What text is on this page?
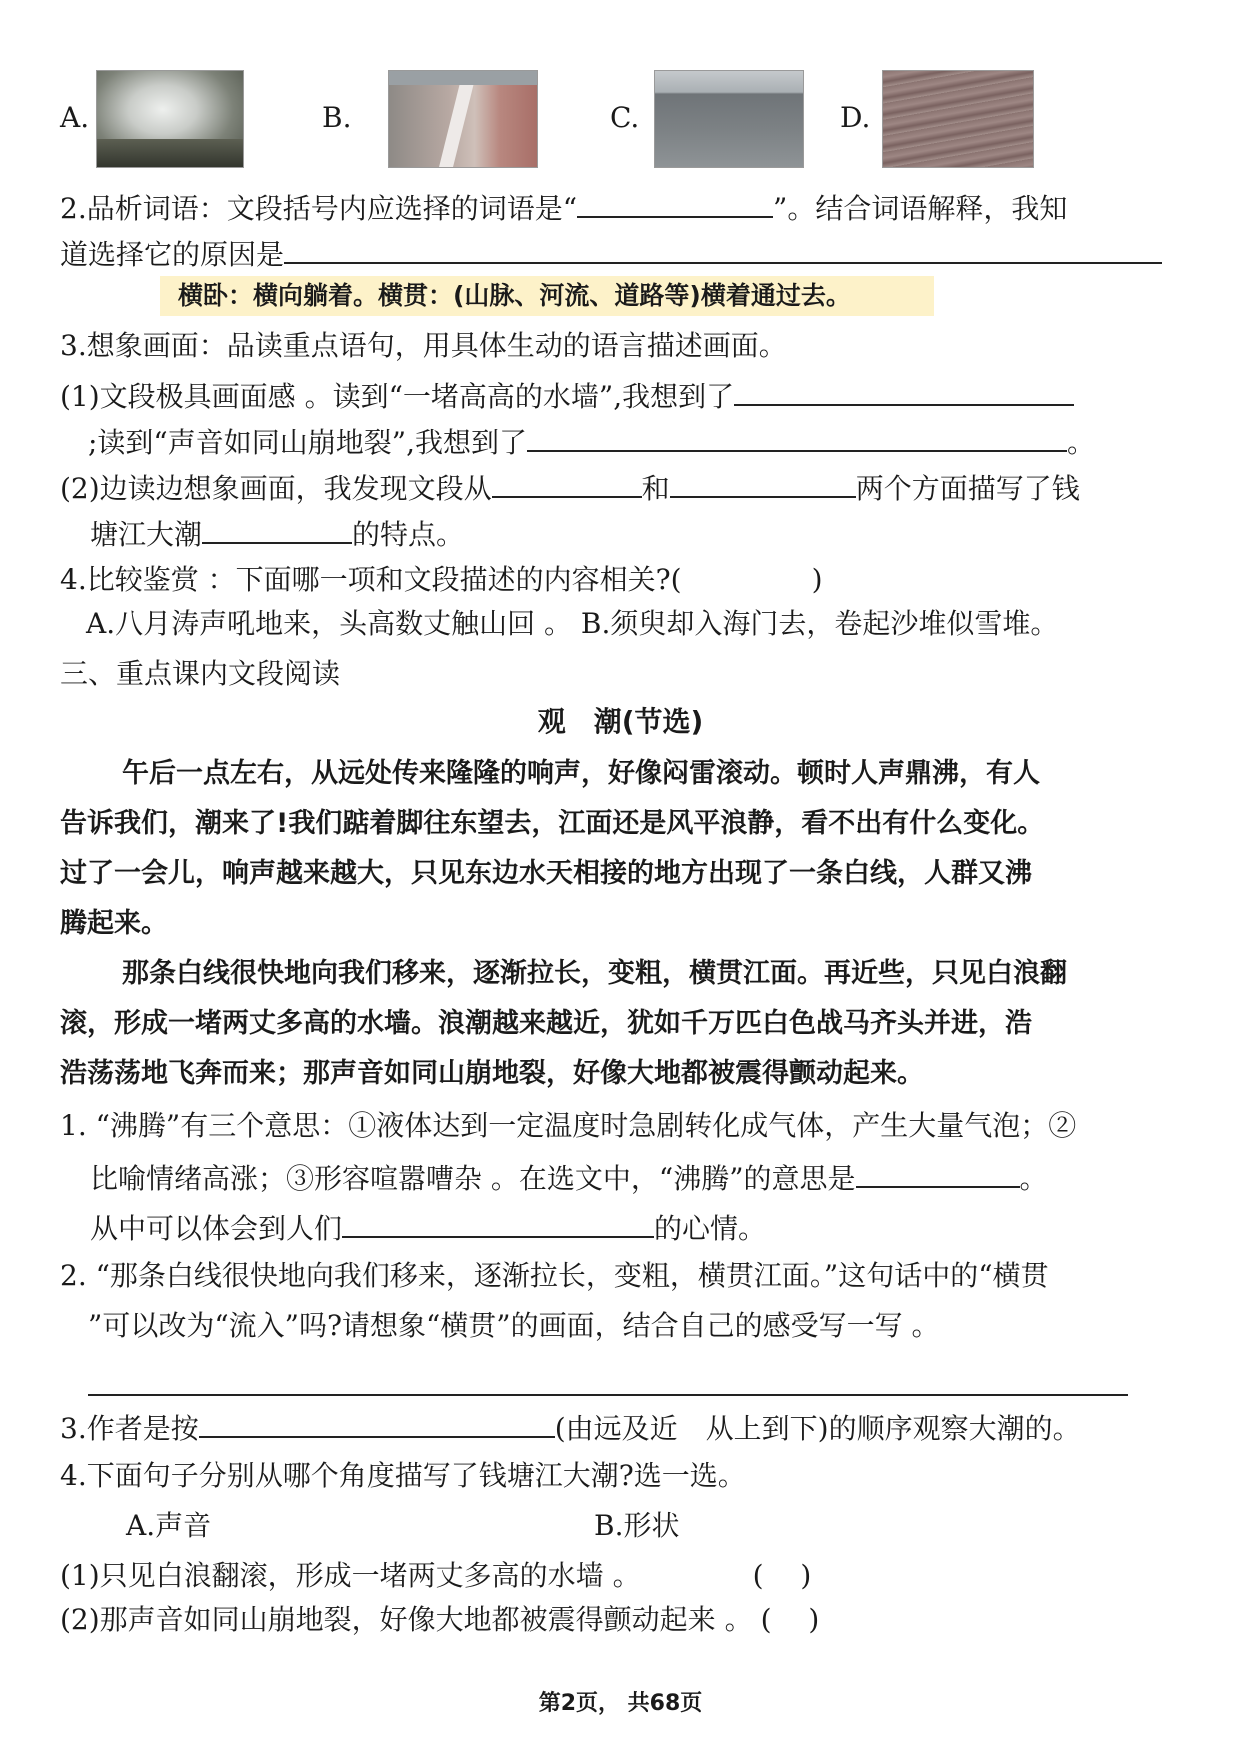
A.	B.	C.	D.
2.品析词语：文段括号内应选择的词语是“	”。结合词语解释，我知
道选择它的原因是
横卧：横向躺着。横贯：(山脉、河流、道路等)横着通过去。
3.想象画面：品读重点语句，用具体生动的语言描述画面。
(1)文段极具画面感 。读到“一堵高高的水墙”,我想到了
;读到“声音如同山崩地裂”,我想到了	。
(2)边读边想象画面，我发现文段从	和	两个方面描写了钱
塘江大潮	的特点。
4.比较鉴赏 ：下面哪一项和文段描述的内容相关?(	)
A.八月涛声吼地来，头高数丈触山回 。 B.须臾却入海门去，卷起沙堆似雪堆。
三、重点课内文段阅读
观　潮(节选)
午后一点左右，从远处传来隆隆的响声，好像闷雷滚动。顿时人声鼎沸，有人
告诉我们，潮来了!我们踮着脚往东望去，江面还是风平浪静，看不出有什么变化。
过了一会儿，响声越来越大，只见东边水天相接的地方出现了一条白线，人群又沸
腾起来。
那条白线很快地向我们移来，逐渐拉长，变粗，横贯江面。再近些，只见白浪翻
滚，形成一堵两丈多高的水墙。浪潮越来越近，犹如千万匹白色战马齐头并进，浩
浩荡荡地飞奔而来；那声音如同山崩地裂，好像大地都被震得颤动起来。
1. “沸腾”有三个意思：①液体达到一定温度时急剧转化成气体，产生大量气泡；②
比喻情绪高涨；③形容喧嚣嘈杂 。在选文中，“沸腾”的意思是	。
从中可以体会到人们	的心情。
2. “那条白线很快地向我们移来，逐渐拉长，变粗，横贯江面。”这句话中的“横贯
”可以改为“流入”吗?请想象“横贯”的画面，结合自己的感受写一写 。
3.作者是按	(由远及近　从上到下)的顺序观察大潮的。
4.下面句子分别从哪个角度描写了钱塘江大潮?选一选。
A.声音	B.形状
(1)只见白浪翻滚，形成一堵两丈多高的水墙 。	(　 )
(2)那声音如同山崩地裂，好像大地都被震得颤动起来 。 (　 )
第2页， 共68页
